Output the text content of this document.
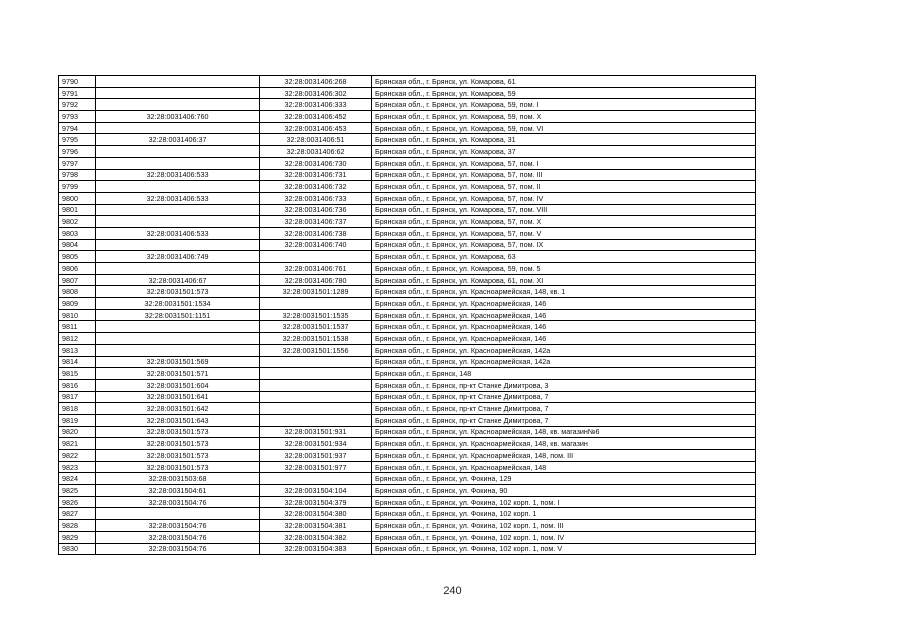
9790		32:28:0031406:268	Брянская обл., г. Брянск, ул. Комарова, 61
9791		32:28:0031406:302	Брянская обл., г. Брянск, ул. Комарова, 59
9792		32:28:0031406:333	Брянская обл., г. Брянск, ул. Комарова, 59, пом. I
9793	32:28:0031406:760	32:28:0031406:452	Брянская обл., г. Брянск, ул. Комарова, 59, пом. X
9794		32:28:0031406:453	Брянская обл., г. Брянск, ул. Комарова, 59, пом. VI
9795	32:28:0031406:37	32:28:0031406:51	Брянская обл., г. Брянск, ул. Комарова, 31
9796		32:28:0031406:62	Брянская обл., г. Брянск, ул. Комарова, 37
9797		32:28:0031406:730	Брянская обл., г. Брянск, ул. Комарова, 57, пом. I
9798	32:28:0031406:533	32:28:0031406:731	Брянская обл., г. Брянск, ул. Комарова, 57, пом. III
9799		32:28:0031406:732	Брянская обл., г. Брянск, ул. Комарова, 57, пом. II
9800	32:28:0031406:533	32:28:0031406:733	Брянская обл., г. Брянск, ул. Комарова, 57, пом. IV
9801		32:28:0031406:736	Брянская обл., г. Брянск, ул. Комарова, 57, пом. VIII
9802		32:28:0031406:737	Брянская обл., г. Брянск, ул. Комарова, 57, пом. X
9803	32:28:0031406:533	32:28:0031406:738	Брянская обл., г. Брянск, ул. Комарова, 57, пом. V
9804		32:28:0031406:740	Брянская обл., г. Брянск, ул. Комарова, 57, пом. IX
9805	32:28:0031406:749		Брянская обл., г. Брянск, ул. Комарова, 63
9806		32:28:0031406:761	Брянская обл., г. Брянск, ул. Комарова, 59, пом. 5
9807	32:28:0031406:67	32:28:0031406:780	Брянская обл., г. Брянск, ул. Комарова, 61, пом. XI
9808	32:28:0031501:573	32:28:0031501:1289	Брянская обл., г. Брянск, ул. Красноармейская, 148, кв. 1
9809	32:28:0031501:1534		Брянская обл., г. Брянск, ул. Красноармейская, 146
9810	32:28:0031501:1151	32:28:0031501:1535	Брянская обл., г. Брянск, ул. Красноармейская, 146
9811		32:28:0031501:1537	Брянская обл., г. Брянск, ул. Красноармейская, 146
9812		32:28:0031501:1538	Брянская обл., г. Брянск, ул. Красноармейская, 146
9813		32:28:0031501:1556	Брянская обл., г. Брянск, ул. Красноармейская, 142а
9814	32:28:0031501:569		Брянская обл., г. Брянск, ул. Красноармейская, 142а
9815	32:28:0031501:571		Брянская обл., г. Брянск, 148
9816	32:28:0031501:604		Брянская обл., г. Брянск, пр-кт Станке Димитрова, 3
9817	32:28:0031501:641		Брянская обл., г. Брянск, пр-кт Станке Димитрова, 7
9818	32:28:0031501:642		Брянская обл., г. Брянск, пр-кт Станке Димитрова, 7
9819	32:28:0031501:643		Брянская обл., г. Брянск, пр-кт Станке Димитрова, 7
9820	32:28:0031501:573	32:28:0031501:931	Брянская обл., г. Брянск, ул. Красноармейская, 148, кв. магазин№6
9821	32:28:0031501:573	32:28:0031501:934	Брянская обл., г. Брянск, ул. Красноармейская, 148, кв. магазин
9822	32:28:0031501:573	32:28:0031501:937	Брянская обл., г. Брянск, ул. Красноармейская, 148, пом. III
9823	32:28:0031501:573	32:28:0031501:977	Брянская обл., г. Брянск, ул. Красноармейская, 148
9824	32:28:0031503:68		Брянская обл., г. Брянск, ул. Фокина, 129
9825	32:28:0031504:61	32:28:0031504:104	Брянская обл., г. Брянск, ул. Фокина, 90
9826	32:28:0031504:76	32:28:0031504:379	Брянская обл., г. Брянск, ул. Фокина, 102 корп. 1, пом. I
9827		32:28:0031504:380	Брянская обл., г. Брянск, ул. Фокина, 102 корп. 1
9828	32:28:0031504:76	32:28:0031504:381	Брянская обл., г. Брянск, ул. Фокина, 102 корп. 1, пом. III
9829	32:28:0031504:76	32:28:0031504:382	Брянская обл., г. Брянск, ул. Фокина, 102 корп. 1, пом. IV
9830	32:28:0031504:76	32:28:0031504:383	Брянская обл., г. Брянск, ул. Фокина, 102 корп. 1, пом. V
240
